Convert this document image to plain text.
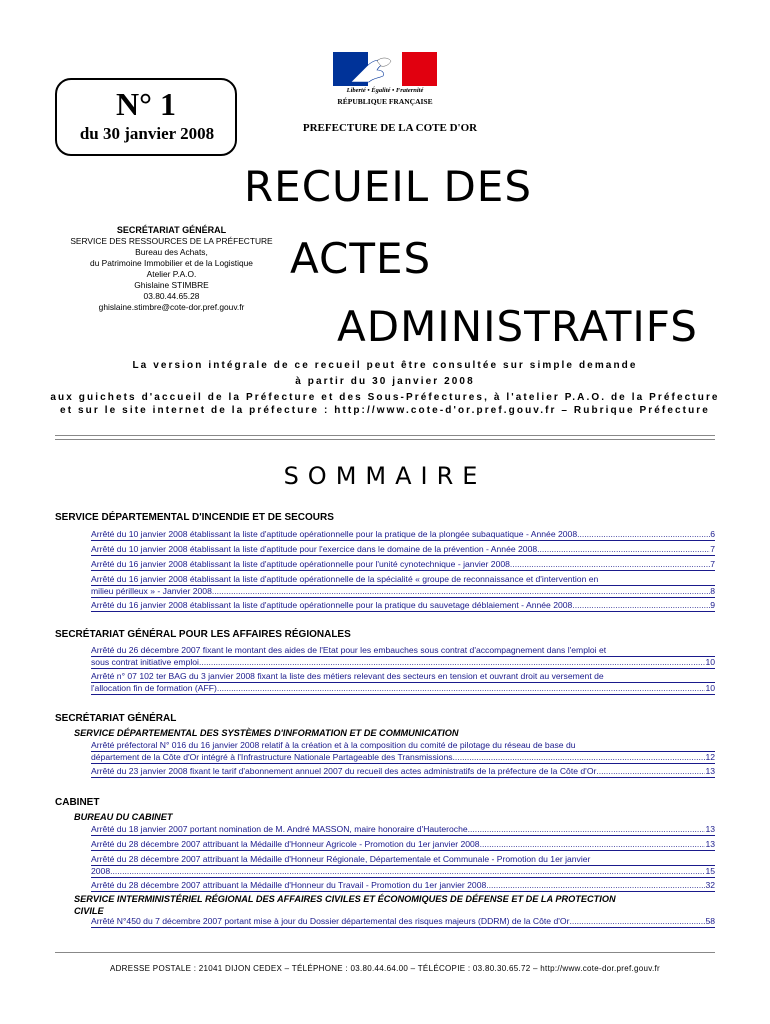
N° 1
du 30 janvier 2008
Liberté • Égalité • Fraternité
RÉPUBLIQUE FRANÇAISE
PREFECTURE DE LA COTE D'OR
RECUEIL DES
ACTES
ADMINISTRATIFS
SECRÉTARIAT GÉNÉRAL
SERVICE DES RESSOURCES DE LA PRÉFECTURE
Bureau des Achats,
du Patrimoine Immobilier et de la Logistique
Atelier P.A.O.
Ghislaine STIMBRE
03.80.44.65.28
ghislaine.stimbre@cote-dor.pref.gouv.fr
La version intégrale de ce recueil peut être consultée sur simple demande
à partir du 30 janvier 2008
aux guichets d'accueil de la Préfecture et des Sous-Préfectures, à l'atelier P.A.O. de la Préfecture
et sur le site internet de la préfecture : http://www.cote-d'or.pref.gouv.fr – Rubrique Préfecture
SOMMAIRE
SERVICE DÉPARTEMENTAL D'INCENDIE ET DE SECOURS
Arrêté du 10 janvier 2008 établissant la liste d'aptitude opérationnelle pour la pratique de la plongée subaquatique - Année 2008 .....	6
Arrêté du 10 janvier 2008 établissant la liste d'aptitude pour l'exercice dans le domaine de la prévention - Année 2008 .....	7
Arrêté du 16 janvier 2008 établissant la liste d'aptitude opérationnelle pour l'unité cynotechnique - janvier 2008 .....	7
Arrêté du 16 janvier 2008 établissant la liste d'aptitude opérationnelle de la spécialité « groupe de reconnaissance et d'intervention en
milieu périlleux » - Janvier 2008 .....	8
Arrêté du 16 janvier 2008 établissant la liste d'aptitude opérationnelle pour la pratique du sauvetage déblaiement - Année 2008 .....	9
SECRÉTARIAT GÉNÉRAL POUR LES AFFAIRES RÉGIONALES
Arrêté du 26 décembre 2007 fixant le montant des aides de l'Etat pour les embauches sous contrat d'accompagnement dans l'emploi et
sous contrat initiative emploi .....	10
Arrêté n° 07 102 ter BAG du 3 janvier 2008 fixant la liste des métiers relevant des secteurs en tension et ouvrant droit au versement de
l'allocation fin de formation (AFF) .....	10
SECRÉTARIAT GÉNÉRAL
SERVICE DÉPARTEMENTAL DES SYSTÈMES D'INFORMATION ET DE COMMUNICATION
Arrêté préfectoral N° 016 du 16 janvier 2008 relatif à la création et à la composition du comité de pilotage du réseau de base du
département de la Côte d'Or intégré à l'Infrastructure Nationale Partageable des Transmissions .....	12
Arrêté du 23 janvier 2008 fixant le tarif d'abonnement annuel 2007 du recueil des actes administratifs de la préfecture de la Côte d'Or .....	13
CABINET
BUREAU DU CABINET
Arrêté du 18 janvier 2007 portant nomination de M. André MASSON, maire honoraire d'Hauteroche .....	13
Arrêté du 28 décembre 2007 attribuant la Médaille d'Honneur Agricole - Promotion du 1er janvier 2008 .....	13
Arrêté du 28 décembre 2007 attribuant la Médaille d'Honneur Régionale, Départementale et Communale - Promotion du 1er janvier
2008 .....	15
Arrêté du 28 décembre 2007 attribuant la Médaille d'Honneur du Travail - Promotion du 1er janvier 2008 .....	32
SERVICE INTERMINISTÉRIEL RÉGIONAL DES AFFAIRES CIVILES ET ÉCONOMIQUES DE DÉFENSE ET DE LA PROTECTION
CIVILE
Arrêté N°450 du 7 décembre 2007 portant mise à jour du Dossier départemental des risques majeurs (DDRM) de la Côte d'Or .....	58
ADRESSE POSTALE : 21041 DIJON CEDEX – TÉLÉPHONE : 03.80.44.64.00 – TÉLÉCOPIE : 03.80.30.65.72 – http://www.cote-dor.pref.gouv.fr
